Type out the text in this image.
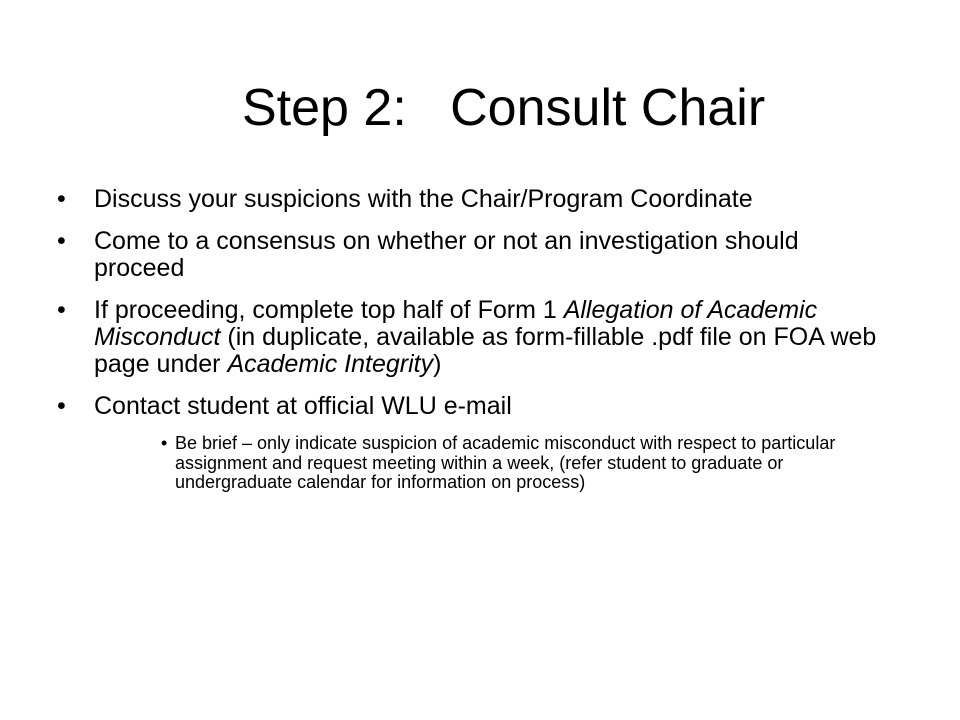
Step 2:   Consult Chair
• Discuss your suspicions with the Chair/Program Coordinate
• Come to a consensus on whether or not an investigation should proceed
• If proceeding, complete top half of Form 1 Allegation of Academic Misconduct (in duplicate, available as form-fillable .pdf file on FOA web page under Academic Integrity)
• Contact student at official WLU e-mail
• Be brief – only indicate suspicion of academic misconduct with respect to particular assignment and request meeting within a week, (refer student to graduate or undergraduate calendar for information on process)
